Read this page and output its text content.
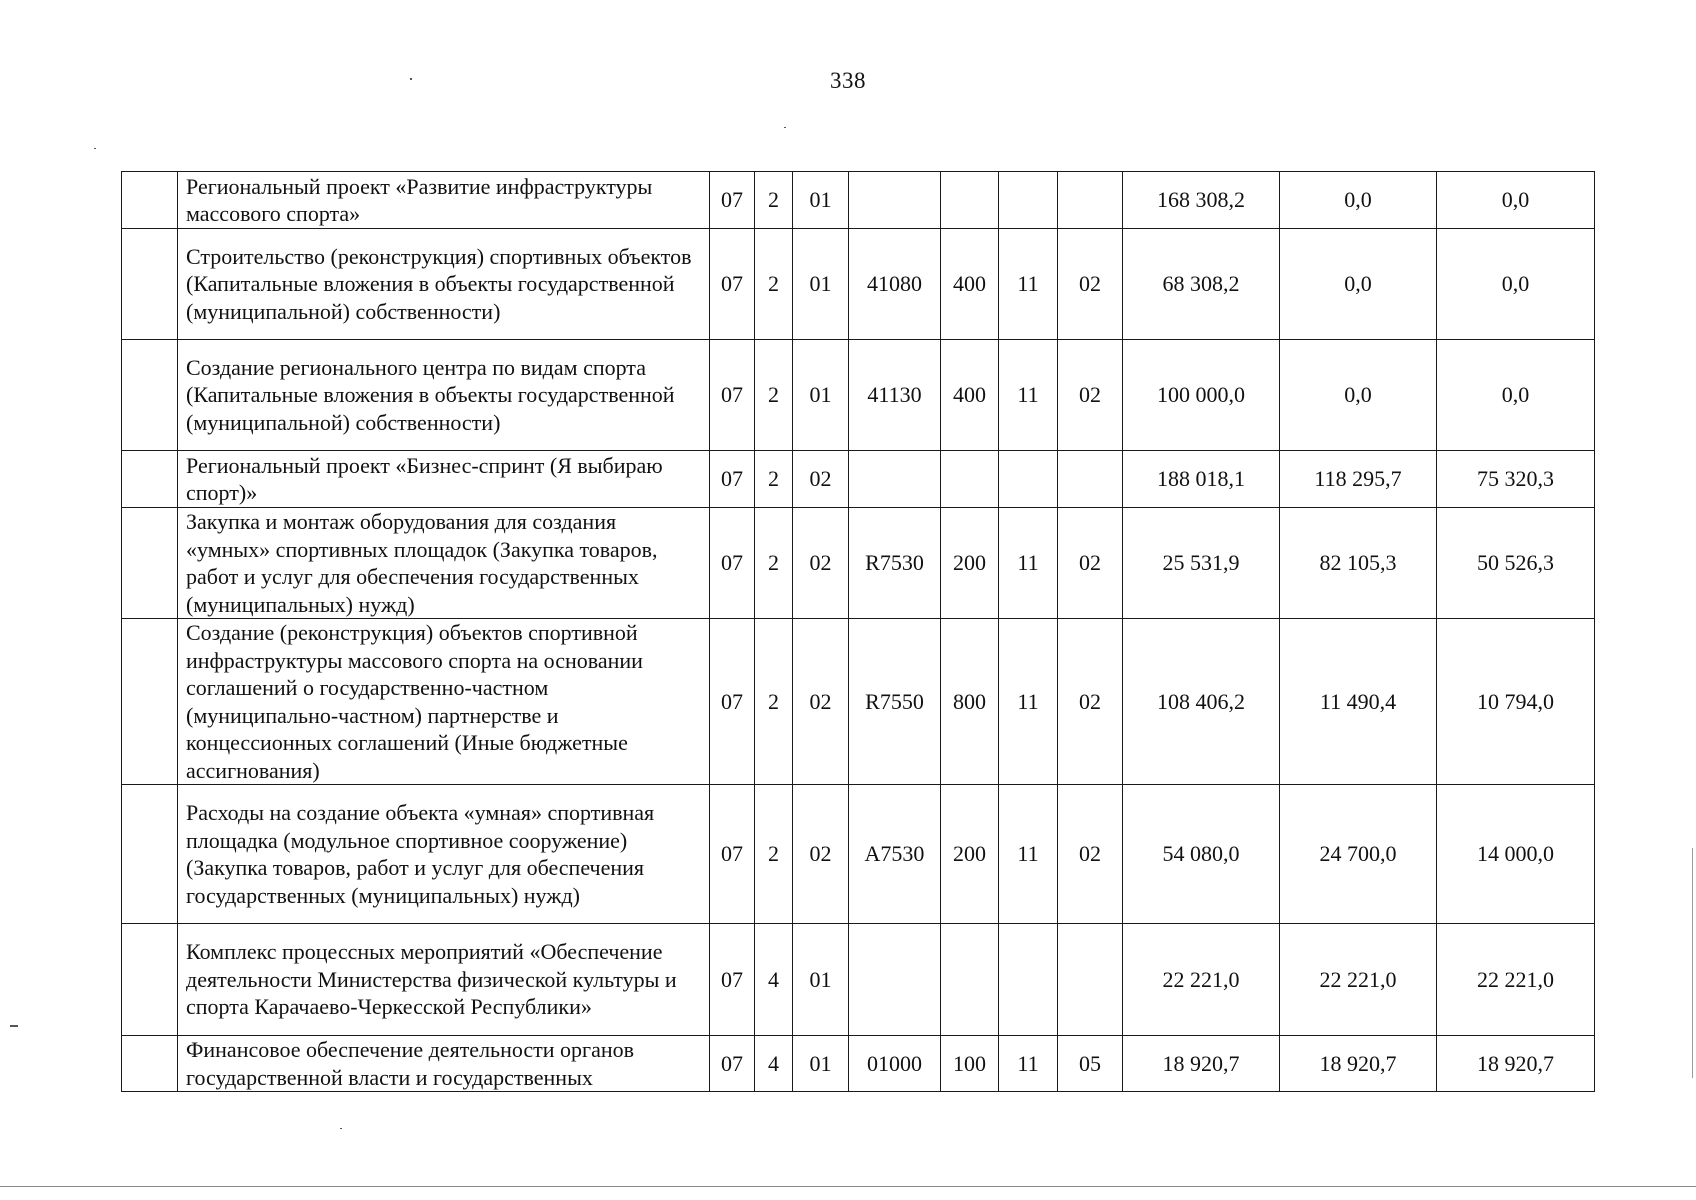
338
	Региональный проект «Развитие инфраструктуры массового спорта»	07	2	01					168 308,2	0,0	0,0
	Строительство (реконструкция) спортивных объектов (Капитальные вложения в объекты государственной (муниципальной) собственности)	07	2	01	41080	400	11	02	68 308,2	0,0	0,0
	Создание регионального центра по видам спорта (Капитальные вложения в объекты государственной (муниципальной) собственности)	07	2	01	41130	400	11	02	100 000,0	0,0	0,0
	Региональный проект «Бизнес-спринт (Я выбираю спорт)»	07	2	02					188 018,1	118 295,7	75 320,3
	Закупка и монтаж оборудования для создания «умных» спортивных площадок (Закупка товаров, работ и услуг для обеспечения государственных (муниципальных) нужд)	07	2	02	R7530	200	11	02	25 531,9	82 105,3	50 526,3
	Создание (реконструкция) объектов спортивной инфраструктуры массового спорта на основании соглашений о государственно-частном (муниципально-частном) партнерстве и концессионных соглашений (Иные бюджетные ассигнования)	07	2	02	R7550	800	11	02	108 406,2	11 490,4	10 794,0
	Расходы на создание объекта «умная» спортивная площадка (модульное спортивное сооружение) (Закупка товаров, работ и услуг для обеспечения государственных (муниципальных) нужд)	07	2	02	A7530	200	11	02	54 080,0	24 700,0	14 000,0
	Комплекс процессных мероприятий «Обеспечение деятельности Министерства физической культуры и спорта Карачаево-Черкесской Республики»	07	4	01					22 221,0	22 221,0	22 221,0
	Финансовое обеспечение деятельности органов государственной власти и государственных	07	4	01	01000	100	11	05	18 920,7	18 920,7	18 920,7
